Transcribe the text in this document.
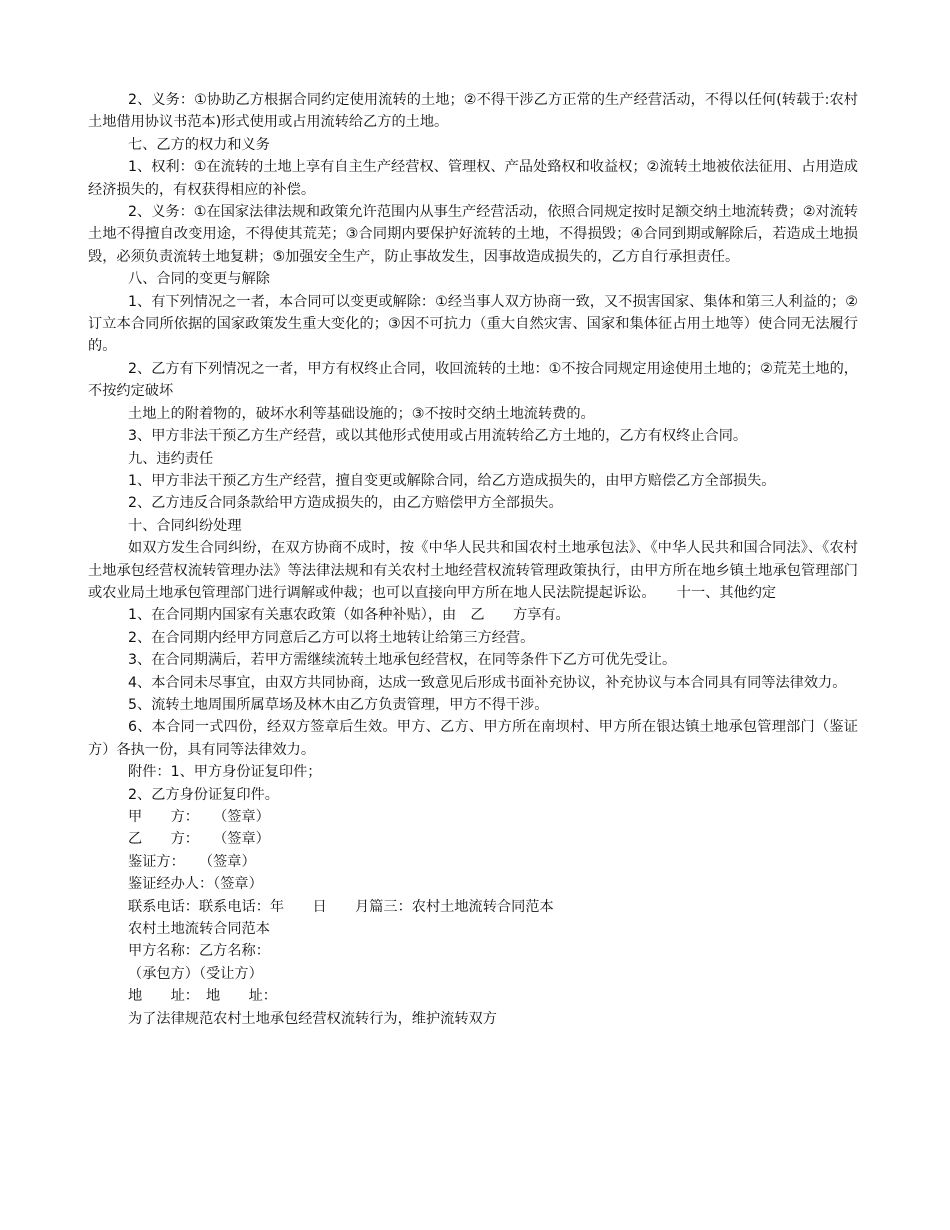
2、义务：①协助乙方根据合同约定使用流转的土地；②不得干涉乙方正常的生产经营活动，不得以任何(转载于:农村土地借用协议书范本)形式使用或占用流转给乙方的土地。

七、乙方的权力和义务

1、权利：①在流转的土地上享有自主生产经营权、管理权、产品处臵权和收益权；②流转土地被依法征用、占用造成经济损失的，有权获得相应的补偿。

2、义务：①在国家法律法规和政策允许范围内从事生产经营活动，依照合同规定按时足额交纳土地流转费；②对流转土地不得擅自改变用途，不得使其荒芜；③合同期内要保护好流转的土地，不得损毁；④合同到期或解除后，若造成土地损毁，必须负责流转土地复耕；⑤加强安全生产，防止事故发生，因事故造成损失的，乙方自行承担责任。

八、合同的变更与解除

1、有下列情况之一者，本合同可以变更或解除：①经当事人双方协商一致，又不损害国家、集体和第三人利益的；②订立本合同所依据的国家政策发生重大变化的；③因不可抗力（重大自然灾害、国家和集体征占用土地等）使合同无法履行的。

2、乙方有下列情况之一者，甲方有权终止合同，收回流转的土地：①不按合同规定用途使用土地的；②荒芜土地的，不按约定破坏

土地上的附着物的，破坏水利等基础设施的；③不按时交纳土地流转费的。

3、甲方非法干预乙方生产经营，或以其他形式使用或占用流转给乙方土地的，乙方有权终止合同。

九、违约责任

1、甲方非法干预乙方生产经营，擅自变更或解除合同，给乙方造成损失的，由甲方赔偿乙方全部损失。

2、乙方违反合同条款给甲方造成损失的，由乙方赔偿甲方全部损失。

十、合同纠纷处理

如双方发生合同纠纷，在双方协商不成时，按《中华人民共和国农村土地承包法》、《中华人民共和国合同法》、《农村土地承包经营权流转管理办法》等法律法规和有关农村土地经营权流转管理政策执行，由甲方所在地乡镇土地承包管理部门或农业局土地承包管理部门进行调解或仲裁；也可以直接向甲方所在地人民法院提起诉讼。　　十一、其他约定

1、在合同期内国家有关惠农政策（如各种补贴），由　乙　　方享有。

2、在合同期内经甲方同意后乙方可以将土地转让给第三方经营。

3、在合同期满后，若甲方需继续流转土地承包经营权，在同等条件下乙方可优先受让。

4、本合同未尽事宜，由双方共同协商，达成一致意见后形成书面补充协议，补充协议与本合同具有同等法律效力。

5、流转土地周围所属草场及林木由乙方负责管理，甲方不得干涉。

6、本合同一式四份，经双方签章后生效。甲方、乙方、甲方所在南坝村、甲方所在银达镇土地承包管理部门（鉴证方）各执一份，具有同等法律效力。

附件：1、甲方身份证复印件；

2、乙方身份证复印件。

甲　　方：　　（签章）

乙　　方：　　（签章）

鉴证方：　　（签章）

鉴证经办人：（签章）

联系电话：联系电话：年　　日　　月篇三：农村土地流转合同范本

农村土地流转合同范本

甲方名称：乙方名称：

（承包方）（受让方）

地　　址：　地　　址：

为了法律规范农村土地承包经营权流转行为，维护流转双方
